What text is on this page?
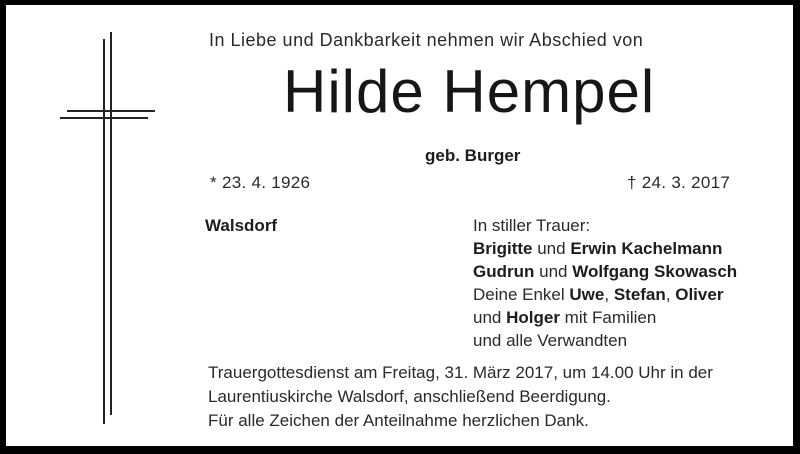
In Liebe und Dankbarkeit nehmen wir Abschied von
Hilde Hempel
geb. Burger
* 23. 4. 1926	† 24. 3. 2017
Walsdorf	In stiller Trauer:
Brigitte und Erwin Kachelmann
Gudrun und Wolfgang Skowasch
Deine Enkel Uwe, Stefan, Oliver
und Holger mit Familien
und alle Verwandten
Trauergottesdienst am Freitag, 31. März 2017, um 14.00 Uhr in der
Laurentiuskirche Walsdorf, anschließend Beerdigung.
Für alle Zeichen der Anteilnahme herzlichen Dank.
